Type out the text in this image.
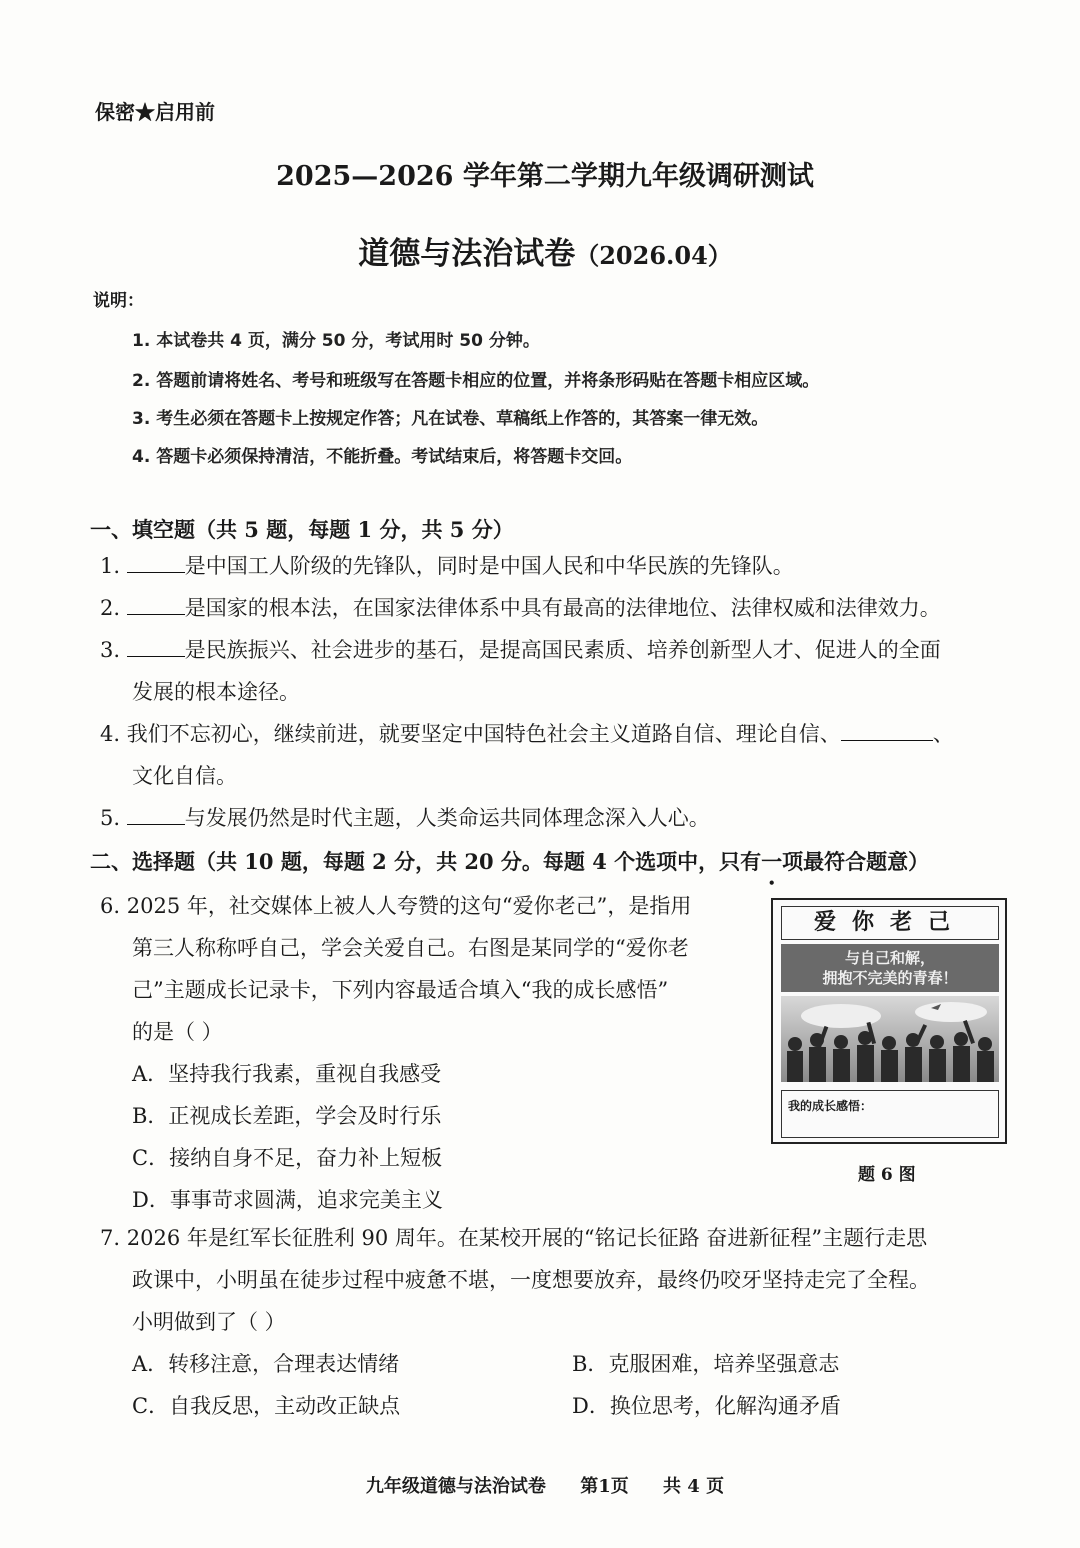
保密★启用前
2025—2026 学年第二学期九年级调研测试
道德与法治试卷（2026.04）
说明：
1. 本试卷共 4 页，满分 50 分，考试用时 50 分钟。
2. 答题前请将姓名、考号和班级写在答题卡相应的位置，并将条形码贴在答题卡相应区域。
3. 考生必须在答题卡上按规定作答；凡在试卷、草稿纸上作答的，其答案一律无效。
4. 答题卡必须保持清洁，不能折叠。考试结束后，将答题卡交回。
一、填空题（共 5 题，每题 1 分，共 5 分）
1.	是中国工人阶级的先锋队，同时是中国人民和中华民族的先锋队。
2.	是国家的根本法，在国家法律体系中具有最高的法律地位、法律权威和法律效力。
3.	是民族振兴、社会进步的基石，是提高国民素质、培养创新型人才、促进人的全面
发展的根本途径。
4. 我们不忘初心，继续前进，就要坚定中国特色社会主义道路自信、理论自信、	、
文化自信。
5.	与发展仍然是时代主题，人类命运共同体理念深入人心。
二、选择题（共 10 题，每题 2 分，共 20 分。每题 4 个选项中，只有一项最符合题意）
6. 2025 年，社交媒体上被人人夸赞的这句“爱你老己”，是指用
第三人称称呼自己，学会关爱自己。右图是某同学的“爱你老
己”主题成长记录卡，下列内容最适合填入“我的成长感悟”
的是（ ）
A．坚持我行我素，重视自我感受
B．正视成长差距，学会及时行乐
C．接纳自身不足，奋力补上短板
D．事事苛求圆满，追求完美主义
爱你老己
与自己和解，
拥抱不完美的青春！
我的成长感悟：
题 6 图
7. 2026 年是红军长征胜利 90 周年。在某校开展的“铭记长征路 奋进新征程”主题行走思
政课中，小明虽在徒步过程中疲惫不堪，一度想要放弃，最终仍咬牙坚持走完了全程。
小明做到了（ ）
A．转移注意，合理表达情绪	B．克服困难，培养坚强意志
C．自我反思，主动改正缺点	D．换位思考，化解沟通矛盾
九年级道德与法治试卷 第1页 共 4 页
